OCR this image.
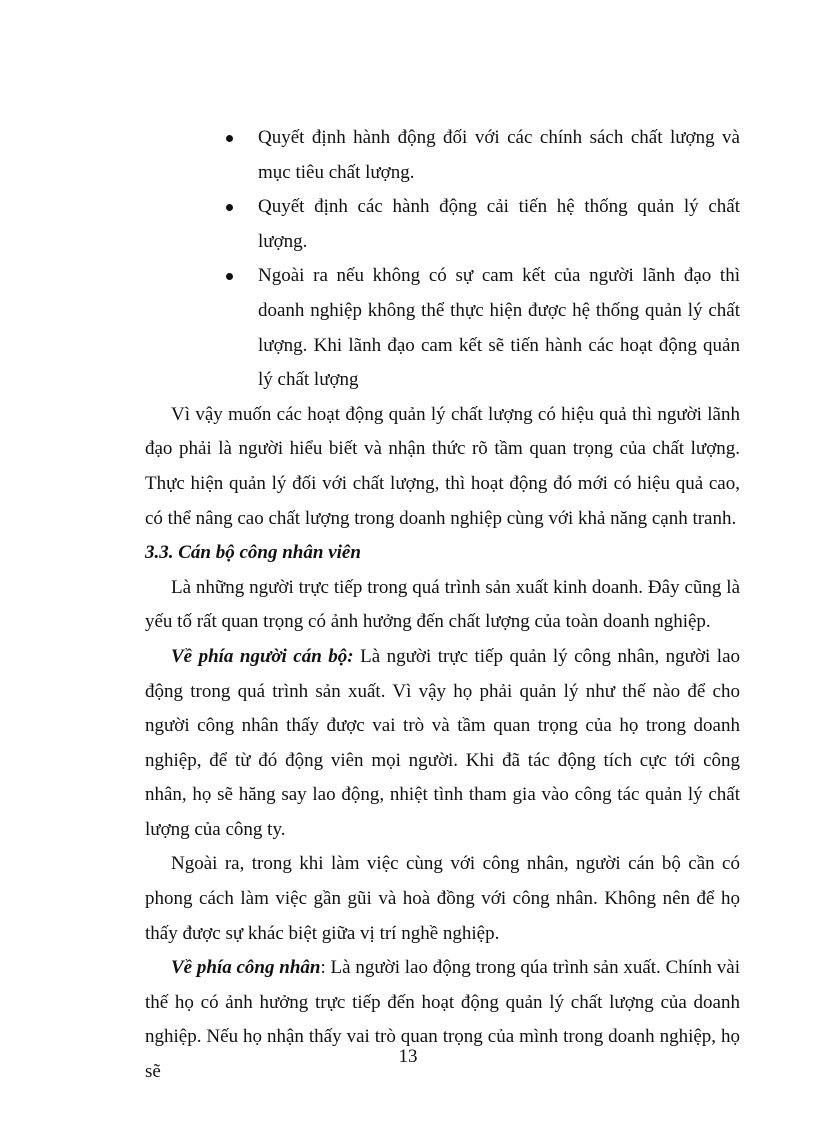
Quyết định hành động đối với các chính sách chất lượng và mục tiêu chất lượng.
Quyết định các hành động cải tiến hệ thống quản lý chất lượng.
Ngoài ra nếu không có sự cam kết của người lãnh đạo thì doanh nghiệp không thể thực hiện được hệ thống quản lý chất lượng. Khi lãnh đạo cam kết sẽ tiến hành các hoạt động quản lý chất lượng

Vì vậy muốn các hoạt động quản lý chất lượng có hiệu quả thì người lãnh đạo phải là người hiểu biết và nhận thức rõ tầm quan trọng của chất lượng. Thực hiện quản lý đối với chất lượng, thì hoạt động đó mới có hiệu quả cao, có thể nâng cao chất lượng trong doanh nghiệp cùng với khả năng cạnh tranh.

3.3. Cán bộ công nhân viên

Là những người trực tiếp trong quá trình sản xuất kinh doanh. Đây cũng là yếu tố rất quan trọng có ảnh hưởng đến chất lượng của toàn doanh nghiệp.

Về phía người cán bộ: Là người trực tiếp quản lý công nhân, người lao động trong quá trình sản xuất. Vì vậy họ phải quản lý như thế nào để cho người công nhân thấy được vai trò và tầm quan trọng của họ trong doanh nghiệp, để từ đó động viên mọi người. Khi đã tác động tích cực tới công nhân, họ sẽ hăng say lao động, nhiệt tình tham gia vào công tác quản lý chất lượng của công ty.

Ngoài ra, trong khi làm việc cùng với công nhân, người cán bộ cần có phong cách làm việc gần gũi và hoà đồng với công nhân. Không nên để họ thấy được sự khác biệt giữa vị trí nghề nghiệp.

Về phía công nhân: Là người lao động trong qúa trình sản xuất. Chính vài thế họ có ảnh hưởng trực tiếp đến hoạt động quản lý chất lượng của doanh nghiệp. Nếu họ nhận thấy vai trò quan trọng của mình trong doanh nghiệp, họ sẽ

13
